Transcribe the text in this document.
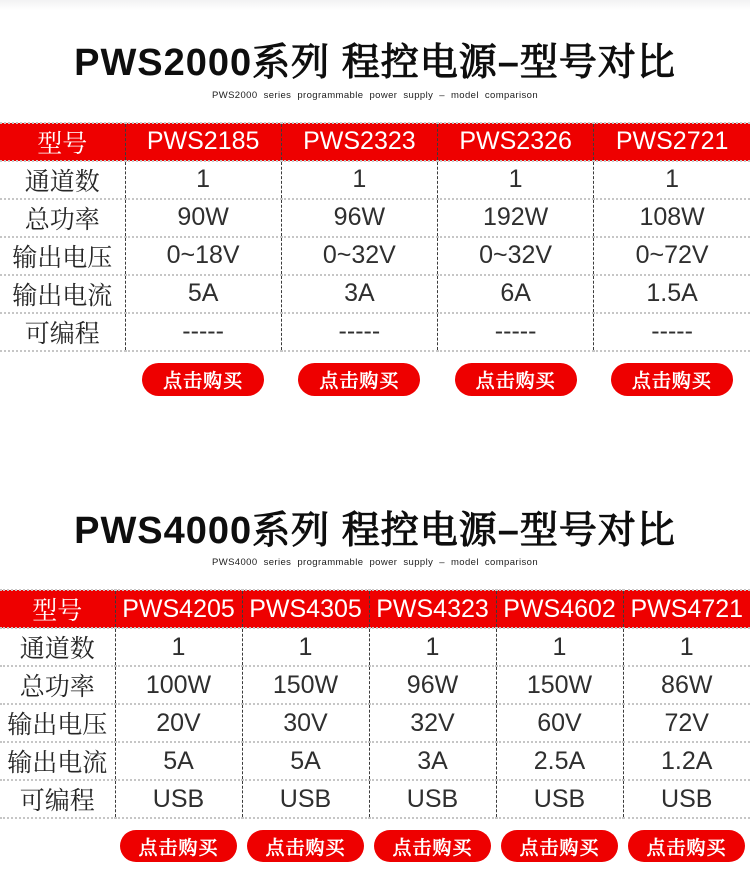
PWS2000系列 程控电源–型号对比

PWS2000 series programmable power supply – model comparison

型号	PWS2185	PWS2323	PWS2326	PWS2721
通道数	1	1	1	1
总功率	90W	96W	192W	108W
输出电压	0~18V	0~32V	0~32V	0~72V
输出电流	5A	3A	6A	1.5A
可编程	-----	-----	-----	-----
点击购买	点击购买	点击购买	点击购买
PWS4000系列 程控电源–型号对比

PWS4000 series programmable power supply – model comparison

型号	PWS4205	PWS4305	PWS4323	PWS4602	PWS4721
通道数	1	1	1	1	1
总功率	100W	150W	96W	150W	86W
输出电压	20V	30V	32V	60V	72V
输出电流	5A	5A	3A	2.5A	1.2A
可编程	USB	USB	USB	USB	USB
点击购买	点击购买	点击购买	点击购买	点击购买
